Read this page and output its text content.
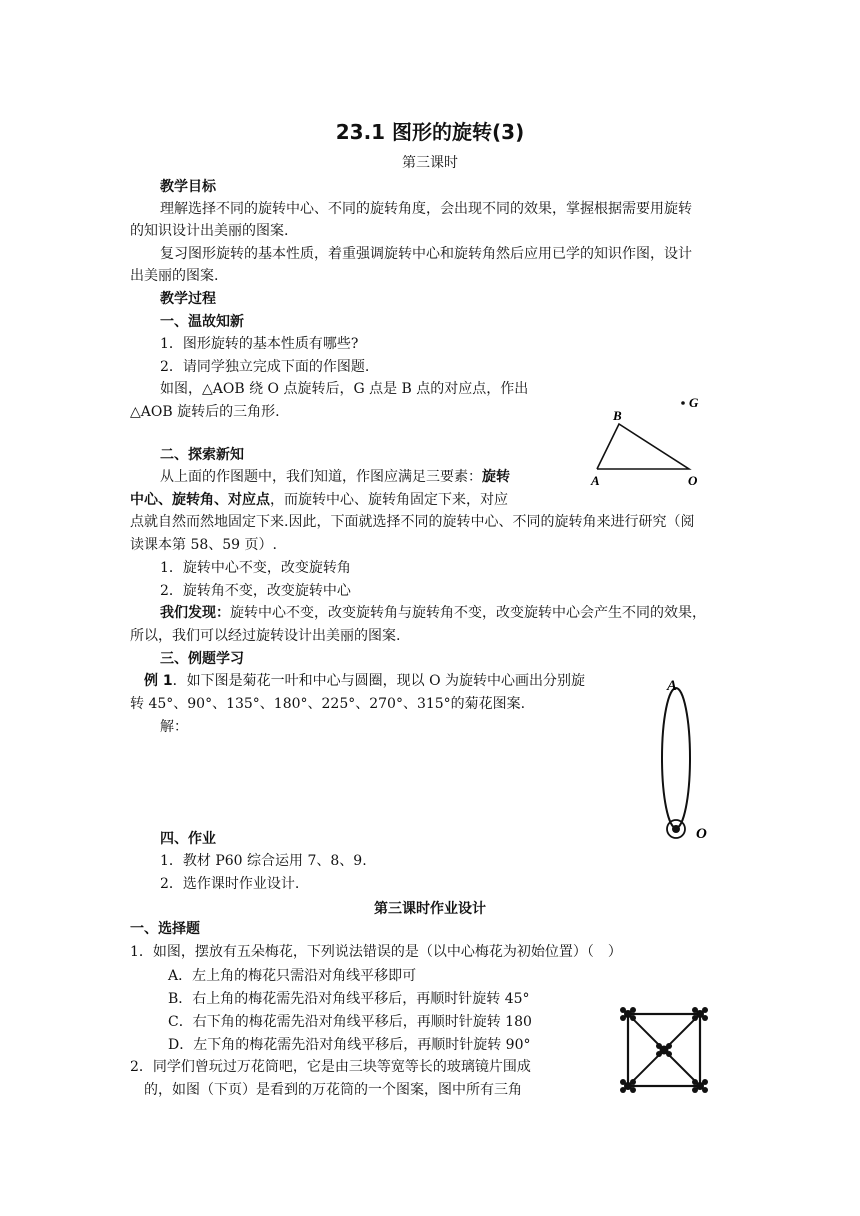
23.1 图形的旋转(3)
第三课时
教学目标
理解选择不同的旋转中心、不同的旋转角度，会出现不同的效果，掌握根据需要用旋转
的知识设计出美丽的图案.
复习图形旋转的基本性质，着重强调旋转中心和旋转角然后应用已学的知识作图，设计
出美丽的图案.
教学过程
一、温故知新
1．图形旋转的基本性质有哪些?
2．请同学独立完成下面的作图题.
如图，△AOB 绕 O 点旋转后，G 点是 B 点的对应点，作出
△AOB 旋转后的三角形.
二、探索新知
从上面的作图题中，我们知道，作图应满足三要素：旋转
中心、旋转角、对应点，而旋转中心、旋转角固定下来，对应
点就自然而然地固定下来.因此，下面就选择不同的旋转中心、不同的旋转角来进行研究（阅
读课本第 58、59 页）.
1．旋转中心不变，改变旋转角
2．旋转角不变，改变旋转中心
我们发现：旋转中心不变，改变旋转角与旋转角不变，改变旋转中心会产生不同的效果，
所以，我们可以经过旋转设计出美丽的图案.
三、例题学习
例 1．如下图是菊花一叶和中心与圆圈，现以 O 为旋转中心画出分别旋
转 45°、90°、135°、180°、225°、270°、315°的菊花图案.
解：
四、作业
1．教材 P60 综合运用 7、8、9.
2．选作课时作业设计.
第三课时作业设计
一、选择题
1．如图，摆放有五朵梅花，下列说法错误的是（以中心梅花为初始位置）（　）
A．左上角的梅花只需沿对角线平移即可
B．右上角的梅花需先沿对角线平移后，再顺时针旋转 45°
C．右下角的梅花需先沿对角线平移后，再顺时针旋转 180
D．左下角的梅花需先沿对角线平移后，再顺时针旋转 90°
2．同学们曾玩过万花筒吧，它是由三块等宽等长的玻璃镜片围成
的，如图（下页）是看到的万花筒的一个图案，图中所有三角
B
G
A	O
A
O
